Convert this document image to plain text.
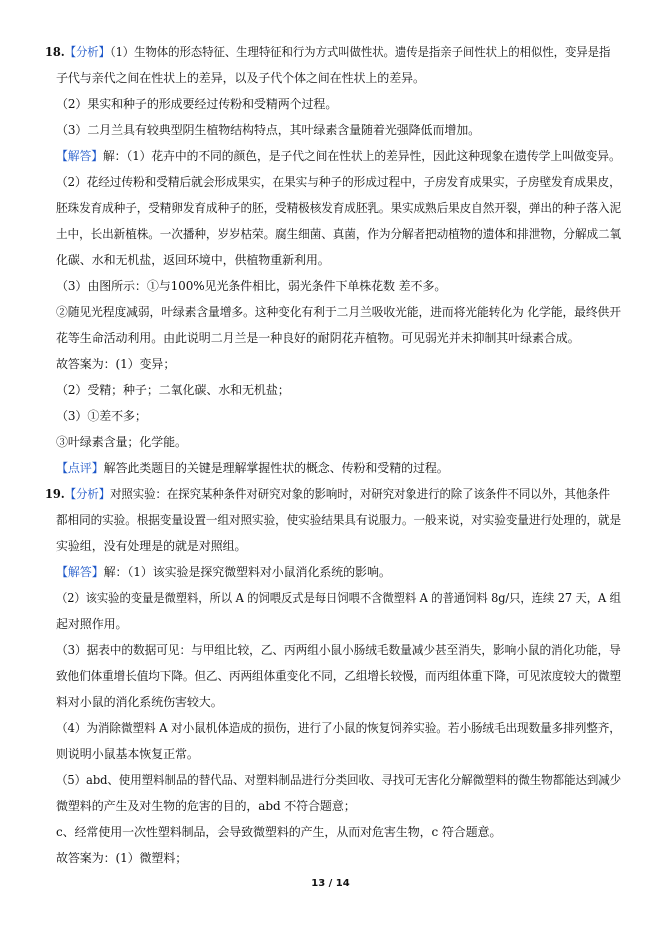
18.【分析】（1）生物体的形态特征、生理特征和行为方式叫做性状。遗传是指亲子间性状上的相似性，变异是指
子代与亲代之间在性状上的差异，以及子代个体之间在性状上的差异。
（2）果实和种子的形成要经过传粉和受精两个过程。
（3）二月兰具有较典型阴生植物结构特点，其叶绿素含量随着光强降低而增加。
【解答】解：（1）花卉中的不同的颜色，是子代之间在性状上的差异性，因此这种现象在遗传学上叫做变异。
（2）花经过传粉和受精后就会形成果实，在果实与种子的形成过程中，子房发育成果实，子房壁发育成果皮，
胚珠发育成种子，受精卵发育成种子的胚，受精极核发育成胚乳。果实成熟后果皮自然开裂，弹出的种子落入泥
土中，长出新植株。一次播种，岁岁枯荣。腐生细菌、真菌，作为分解者把动植物的遗体和排泄物，分解成二氧
化碳、水和无机盐，返回环境中，供植物重新利用。
（3）由图所示：①与100%见光条件相比，弱光条件下单株花数 差不多。
②随见光程度减弱，叶绿素含量增多。这种变化有利于二月兰吸收光能，进而将光能转化为 化学能，最终供开
花等生命活动利用。由此说明二月兰是一种良好的耐阴花卉植物。可见弱光并未抑制其叶绿素合成。
故答案为：(1）变异；
（2）受精；种子；二氧化碳、水和无机盐；
（3）①差不多；
③叶绿素含量；化学能。
【点评】解答此类题目的关键是理解掌握性状的概念、传粉和受精的过程。
19.【分析】对照实验：在探究某种条件对研究对象的影响时，对研究对象进行的除了该条件不同以外，其他条件
都相同的实验。根据变量设置一组对照实验，使实验结果具有说服力。一般来说，对实验变量进行处理的，就是
实验组，没有处理是的就是对照组。
【解答】解：（1）该实验是探究微塑料对小鼠消化系统的影响。
（2）该实验的变量是微塑料，所以 A 的饲喂反式是每日饲喂不含微塑料 A 的普通饲料 8g/只，连续 27 天，A 组
起对照作用。
（3）据表中的数据可见：与甲组比较，乙、丙两组小鼠小肠绒毛数量减少甚至消失，影响小鼠的消化功能，导
致他们体重增长值均下降。但乙、丙两组体重变化不同，乙组增长较慢，而丙组体重下降，可见浓度较大的微塑
料对小鼠的消化系统伤害较大。
（4）为消除微塑料 A 对小鼠机体造成的损伤，进行了小鼠的恢复饲养实验。若小肠绒毛出现数量多排列整齐，
则说明小鼠基本恢复正常。
（5）abd、使用塑料制品的替代品、对塑料制品进行分类回收、寻找可无害化分解微塑料的微生物都能达到减少
微塑料的产生及对生物的危害的目的，abd 不符合题意；
c、经常使用一次性塑料制品，会导致微塑料的产生，从而对危害生物，c 符合题意。
故答案为：(1）微塑料；
13 / 14
